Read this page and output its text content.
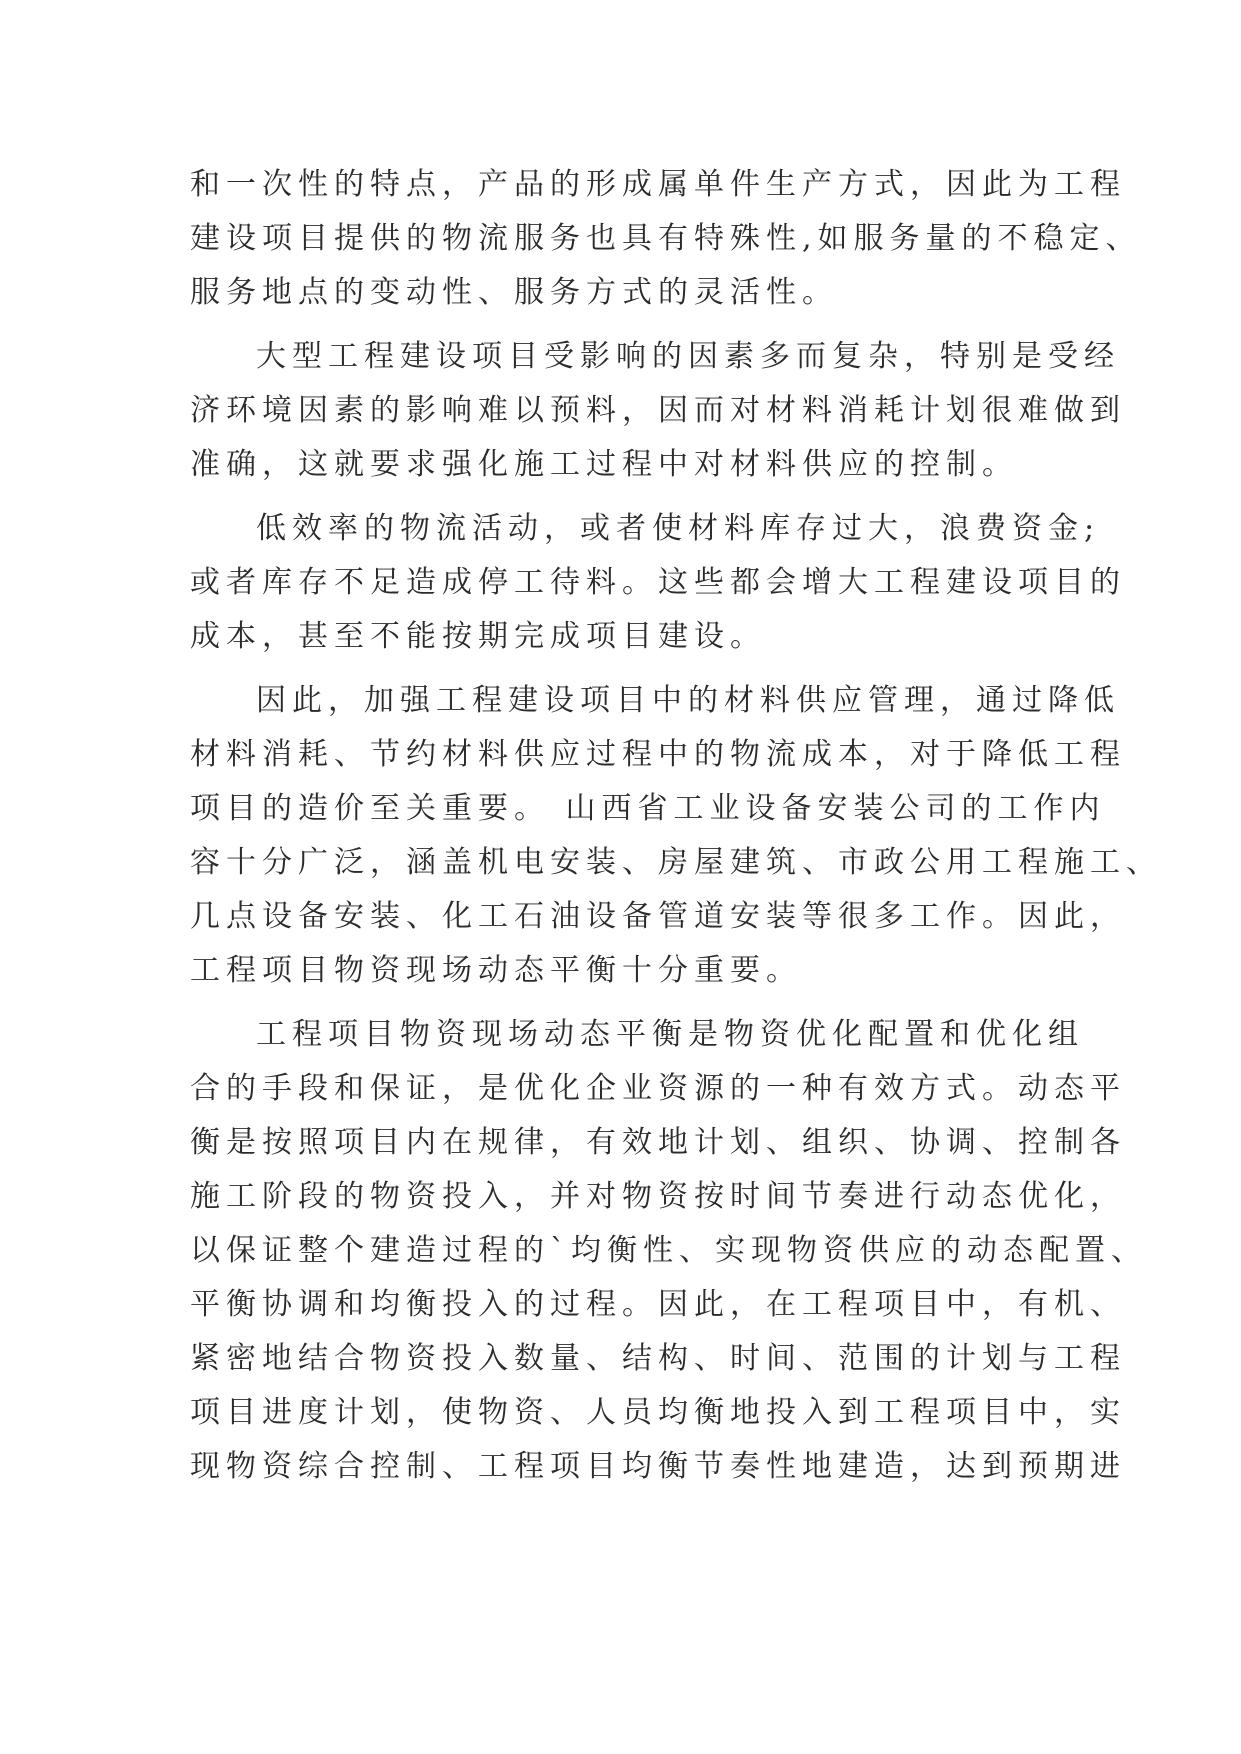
和一次性的特点，产品的形成属单件生产方式，因此为工程
建设项目提供的物流服务也具有特殊性,如服务量的不稳定、
服务地点的变动性、服务方式的灵活性。
大型工程建设项目受影响的因素多而复杂，特别是受经
济环境因素的影响难以预料，因而对材料消耗计划很难做到
准确，这就要求强化施工过程中对材料供应的控制。
低效率的物流活动，或者使材料库存过大，浪费资金;
或者库存不足造成停工待料。这些都会增大工程建设项目的
成本，甚至不能按期完成项目建设。
因此，加强工程建设项目中的材料供应管理，通过降低
材料消耗、节约材料供应过程中的物流成本，对于降低工程
项目的造价至关重要。 山西省工业设备安装公司的工作内
容十分广泛，涵盖机电安装、房屋建筑、市政公用工程施工、
几点设备安装、化工石油设备管道安装等很多工作。因此，
工程项目物资现场动态平衡十分重要。
工程项目物资现场动态平衡是物资优化配置和优化组
合的手段和保证，是优化企业资源的一种有效方式。动态平
衡是按照项目内在规律，有效地计划、组织、协调、控制各
施工阶段的物资投入，并对物资按时间节奏进行动态优化，
以保证整个建造过程的`均衡性、实现物资供应的动态配置、
平衡协调和均衡投入的过程。因此，在工程项目中，有机、
紧密地结合物资投入数量、结构、时间、范围的计划与工程
项目进度计划，使物资、人员均衡地投入到工程项目中，实
现物资综合控制、工程项目均衡节奏性地建造，达到预期进
